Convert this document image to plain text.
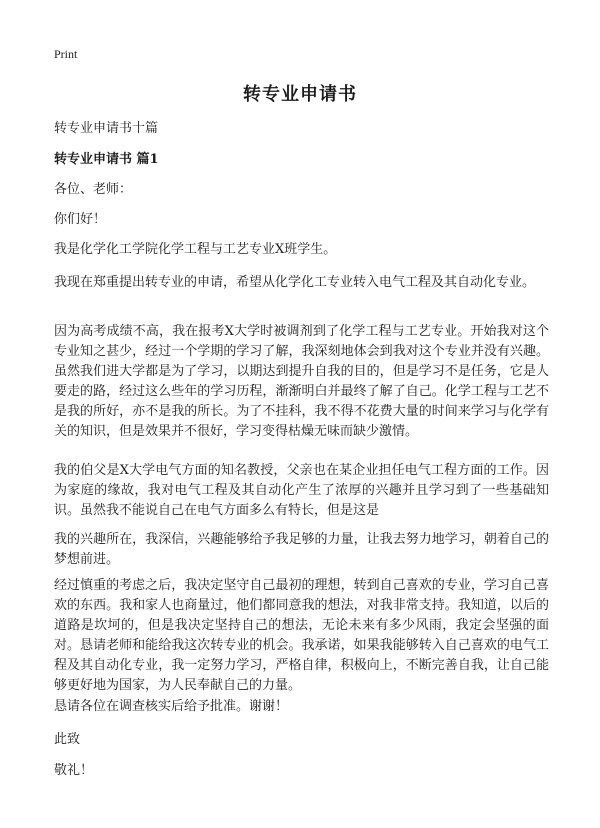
Print
转专业申请书
转专业申请书十篇
转专业申请书 篇1
各位、老师：
你们好！
我是化学化工学院化学工程与工艺专业X班学生。
我现在郑重提出转专业的申请，希望从化学化工专业转入电气工程及其自动化专业。
因为高考成绩不高，我在报考X大学时被调剂到了化学工程与工艺专业。开始我对这个专业知之甚少，经过一个学期的学习了解，我深刻地体会到我对这个专业并没有兴趣。虽然我们进大学都是为了学习，以期达到提升自我的目的，但是学习不是任务，它是人要走的路，经过这么些年的学习历程，渐渐明白并最终了解了自己。化学工程与工艺不是我的所好，亦不是我的所长。为了不挂科，我不得不花费大量的时间来学习与化学有关的知识，但是效果并不很好，学习变得枯燥无味而缺少激情。
我的伯父是X大学电气方面的知名教授，父亲也在某企业担任电气工程方面的工作。因为家庭的缘故，我对电气工程及其自动化产生了浓厚的兴趣并且学习到了一些基础知识。虽然我不能说自己在电气方面多么有特长，但是这是
我的兴趣所在，我深信，兴趣能够给予我足够的力量，让我去努力地学习，朝着自己的梦想前进。
经过慎重的考虑之后，我决定坚守自己最初的理想，转到自己喜欢的专业，学习自己喜欢的东西。我和家人也商量过，他们都同意我的想法，对我非常支持。我知道，以后的道路是坎坷的，但是我决定坚持自己的想法，无论未来有多少风雨，我定会坚强的面对。恳请老师和能给我这次转专业的机会。我承诺，如果我能够转入自己喜欢的电气工程及其自动化专业，我一定努力学习，严格自律，积极向上，不断完善自我，让自己能够更好地为国家，为人民奉献自己的力量。
恳请各位在调查核实后给予批准。谢谢！
此致
敬礼！
